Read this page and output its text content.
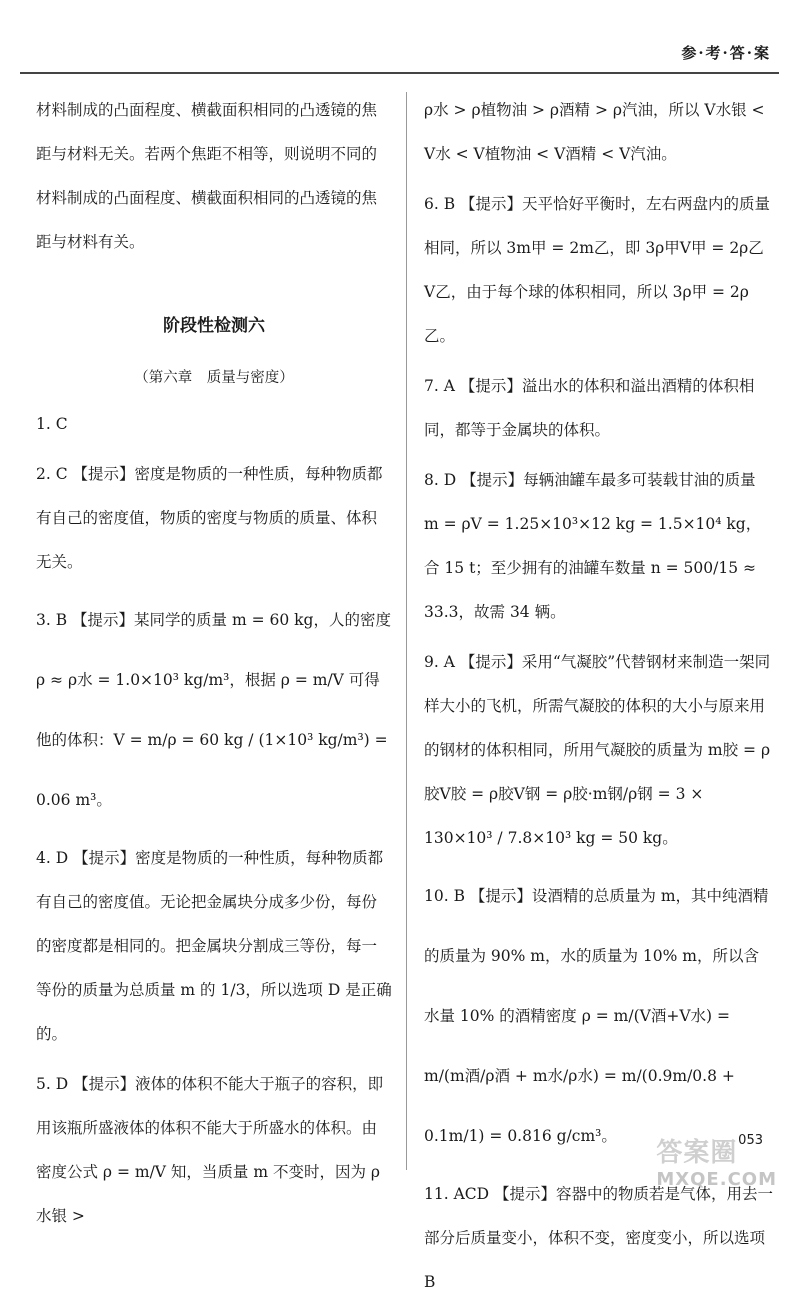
参·考·答·案

材料制成的凸面程度、横截面积相同的凸透镜的焦距与材料无关。若两个焦距不相等，则说明不同的材料制成的凸面程度、横截面积相同的凸透镜的焦距与材料有关。

阶段性检测六
（第六章　质量与密度）
1. C
2. C 【提示】密度是物质的一种性质，每种物质都有自己的密度值，物质的密度与物质的质量、体积无关。
3. B 【提示】某同学的质量 m = 60 kg，人的密度 ρ ≈ ρ水 = 1.0×10³ kg/m³，根据 ρ = m/V 可得他的体积：V = m/ρ = 60 kg / (1×10³ kg/m³) = 0.06 m³。
4. D 【提示】密度是物质的一种性质，每种物质都有自己的密度值。无论把金属块分成多少份，每份的密度都是相同的。把金属块分割成三等份，每一等份的质量为总质量 m 的 1/3，所以选项 D 是正确的。
5. D 【提示】液体的体积不能大于瓶子的容积，即用该瓶所盛液体的体积不能大于所盛水的体积。由密度公式 ρ = m/V 知，当质量 m 不变时，因为 ρ水银 >
ρ水 > ρ植物油 > ρ酒精 > ρ汽油，所以 V水银 < V水 < V植物油 < V酒精 < V汽油。
6. B 【提示】天平恰好平衡时，左右两盘内的质量相同，所以 3m甲 = 2m乙，即 3ρ甲V甲 = 2ρ乙V乙，由于每个球的体积相同，所以 3ρ甲 = 2ρ乙。
7. A 【提示】溢出水的体积和溢出酒精的体积相同，都等于金属块的体积。
8. D 【提示】每辆油罐车最多可装载甘油的质量 m = ρV = 1.25×10³×12 kg = 1.5×10⁴ kg，合 15 t；至少拥有的油罐车数量 n = 500/15 ≈ 33.3，故需 34 辆。
9. A 【提示】采用“气凝胶”代替钢材来制造一架同样大小的飞机，所需气凝胶的体积的大小与原来用的钢材的体积相同，所用气凝胶的质量为 m胶 = ρ胶V胶 = ρ胶V钢 = ρ胶·m钢/ρ钢 = 3 × 130×10³ / 7.8×10³ kg = 50 kg。
10. B 【提示】设酒精的总质量为 m，其中纯酒精的质量为 90% m，水的质量为 10% m，所以含水量 10% 的酒精密度 ρ = m/(V酒+V水) = m/(m酒/ρ酒 + m水/ρ水) = m/(0.9m/0.8 + 0.1m/1) = 0.816 g/cm³。
11. ACD 【提示】容器中的物质若是气体，用去一部分后质量变小，体积不变，密度变小，所以选项 B
053
答案圈
MXQE.COM
